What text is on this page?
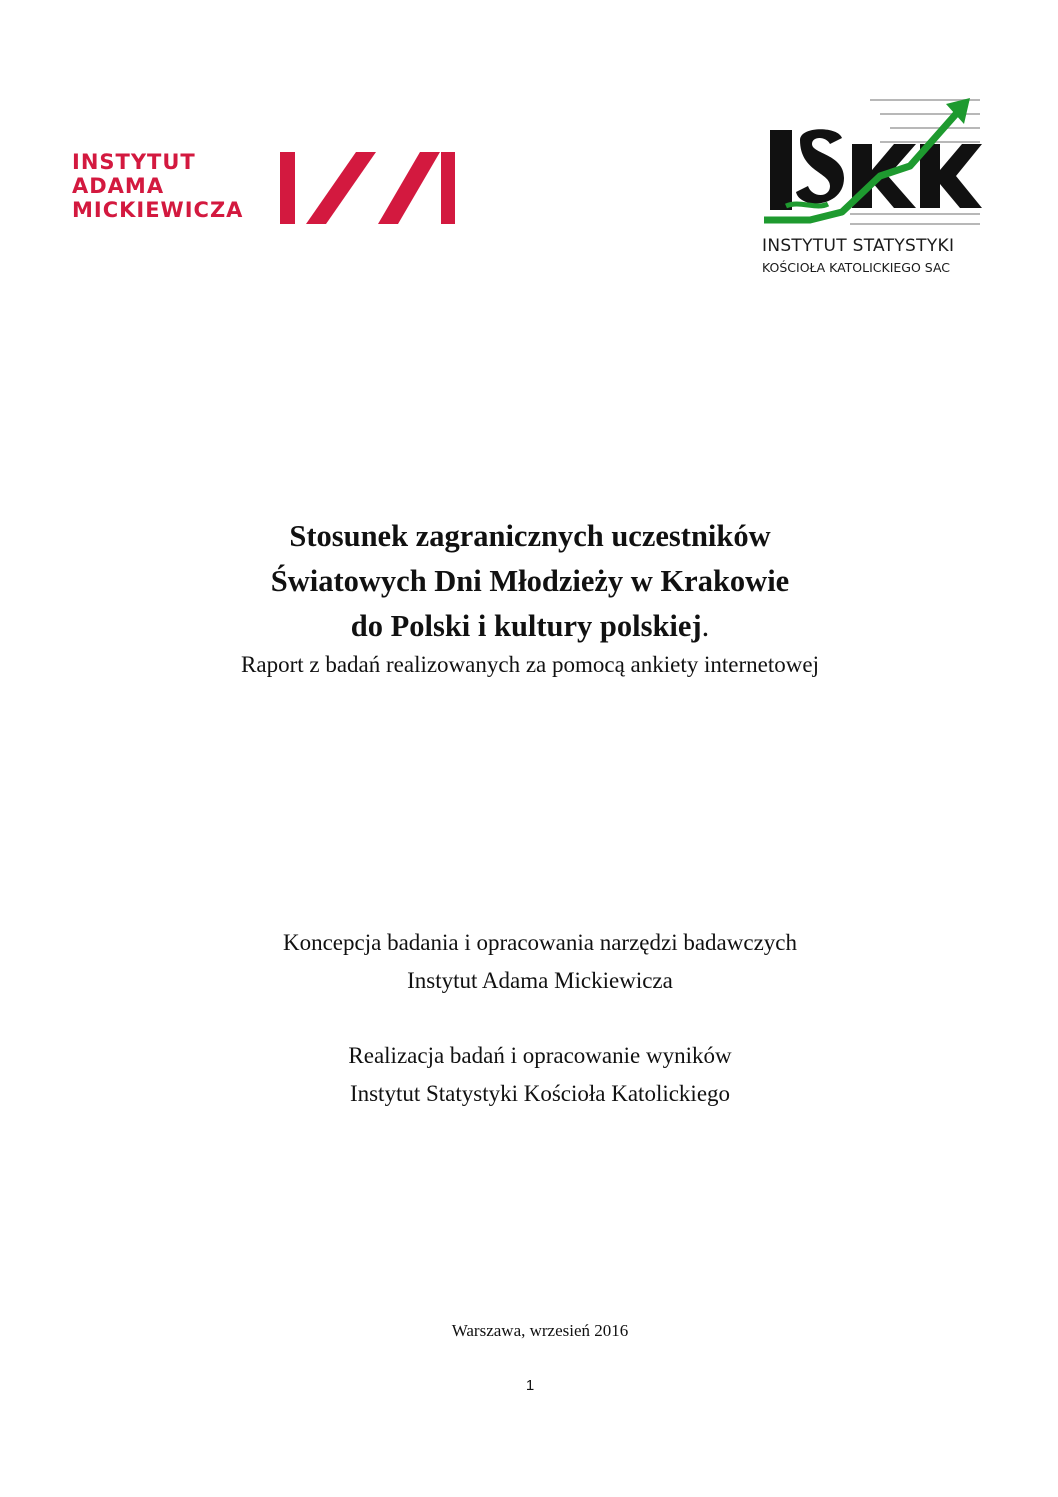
INSTYTUT
ADAMA
MICKIEWICZA
INSTYTUT STATYSTYKI
KOŚCIOŁA KATOLICKIEGO SAC

Stosunek zagranicznych uczestników

Światowych Dni Młodzieży w Krakowie

do Polski i kultury polskiej.

Raport z badań realizowanych za pomocą ankiety internetowej

Koncepcja badania i opracowania narzędzi badawczych

Instytut Adama Mickiewicza

Realizacja badań i opracowanie wyników

Instytut Statystyki Kościoła Katolickiego

Warszawa, wrzesień 2016
1
